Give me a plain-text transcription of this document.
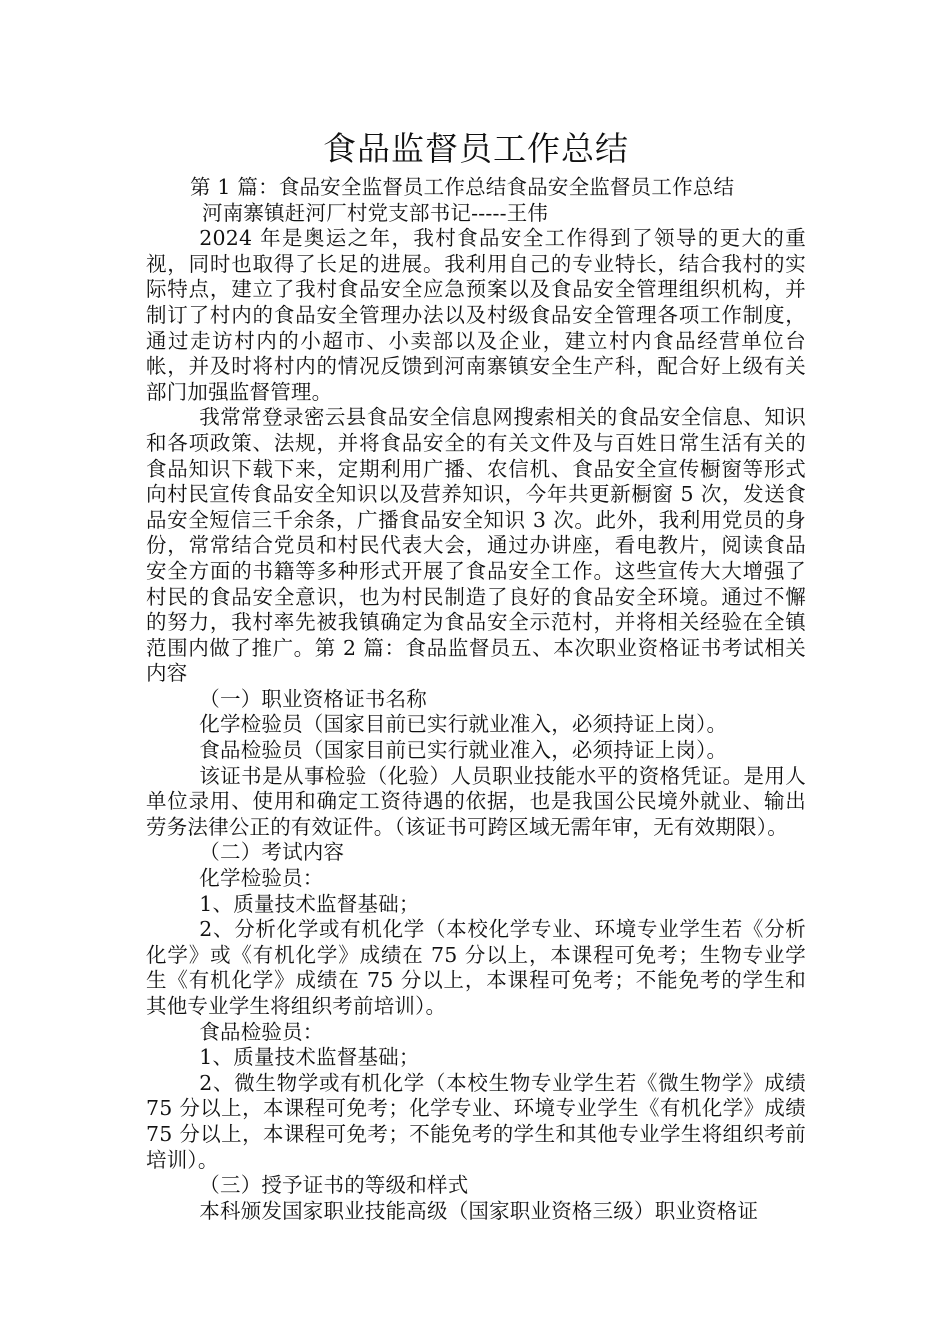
食品监督员工作总结

第 1 篇：食品安全监督员工作总结食品安全监督员工作总结

河南寨镇赶河厂村党支部书记-----王伟

2024 年是奥运之年，我村食品安全工作得到了领导的更大的重视，同时也取得了长足的进展。我利用自己的专业特长，结合我村的实际特点，建立了我村食品安全应急预案以及食品安全管理组织机构，并制订了村内的食品安全管理办法以及村级食品安全管理各项工作制度，通过走访村内的小超市、小卖部以及企业，建立村内食品经营单位台帐，并及时将村内的情况反馈到河南寨镇安全生产科，配合好上级有关部门加强监督管理。

我常常登录密云县食品安全信息网搜索相关的食品安全信息、知识和各项政策、法规，并将食品安全的有关文件及与百姓日常生活有关的食品知识下载下来，定期利用广播、农信机、食品安全宣传橱窗等形式向村民宣传食品安全知识以及营养知识，今年共更新橱窗 5 次，发送食品安全短信三千余条，广播食品安全知识 3 次。此外，我利用党员的身份，常常结合党员和村民代表大会，通过办讲座，看电教片，阅读食品安全方面的书籍等多种形式开展了食品安全工作。这些宣传大大增强了村民的食品安全意识，也为村民制造了良好的食品安全环境。通过不懈的努力，我村率先被我镇确定为食品安全示范村，并将相关经验在全镇范围内做了推广。第 2 篇：食品监督员五、本次职业资格证书考试相关内容

（一）职业资格证书名称

化学检验员（国家目前已实行就业准入，必须持证上岗）。

食品检验员（国家目前已实行就业准入，必须持证上岗）。

该证书是从事检验（化验）人员职业技能水平的资格凭证。是用人单位录用、使用和确定工资待遇的依据，也是我国公民境外就业、输出劳务法律公正的有效证件。（该证书可跨区域无需年审，无有效期限）。

（二）考试内容

化学检验员：

1、质量技术监督基础；

2、分析化学或有机化学（本校化学专业、环境专业学生若《分析化学》或《有机化学》成绩在 75 分以上，本课程可免考；生物专业学生《有机化学》成绩在 75 分以上，本课程可免考；不能免考的学生和其他专业学生将组织考前培训）。

食品检验员：

1、质量技术监督基础；

2、微生物学或有机化学（本校生物专业学生若《微生物学》成绩 75 分以上，本课程可免考；化学专业、环境专业学生《有机化学》成绩 75 分以上，本课程可免考；不能免考的学生和其他专业学生将组织考前培训）。

（三）授予证书的等级和样式

本科颁发国家职业技能高级（国家职业资格三级）职业资格证
